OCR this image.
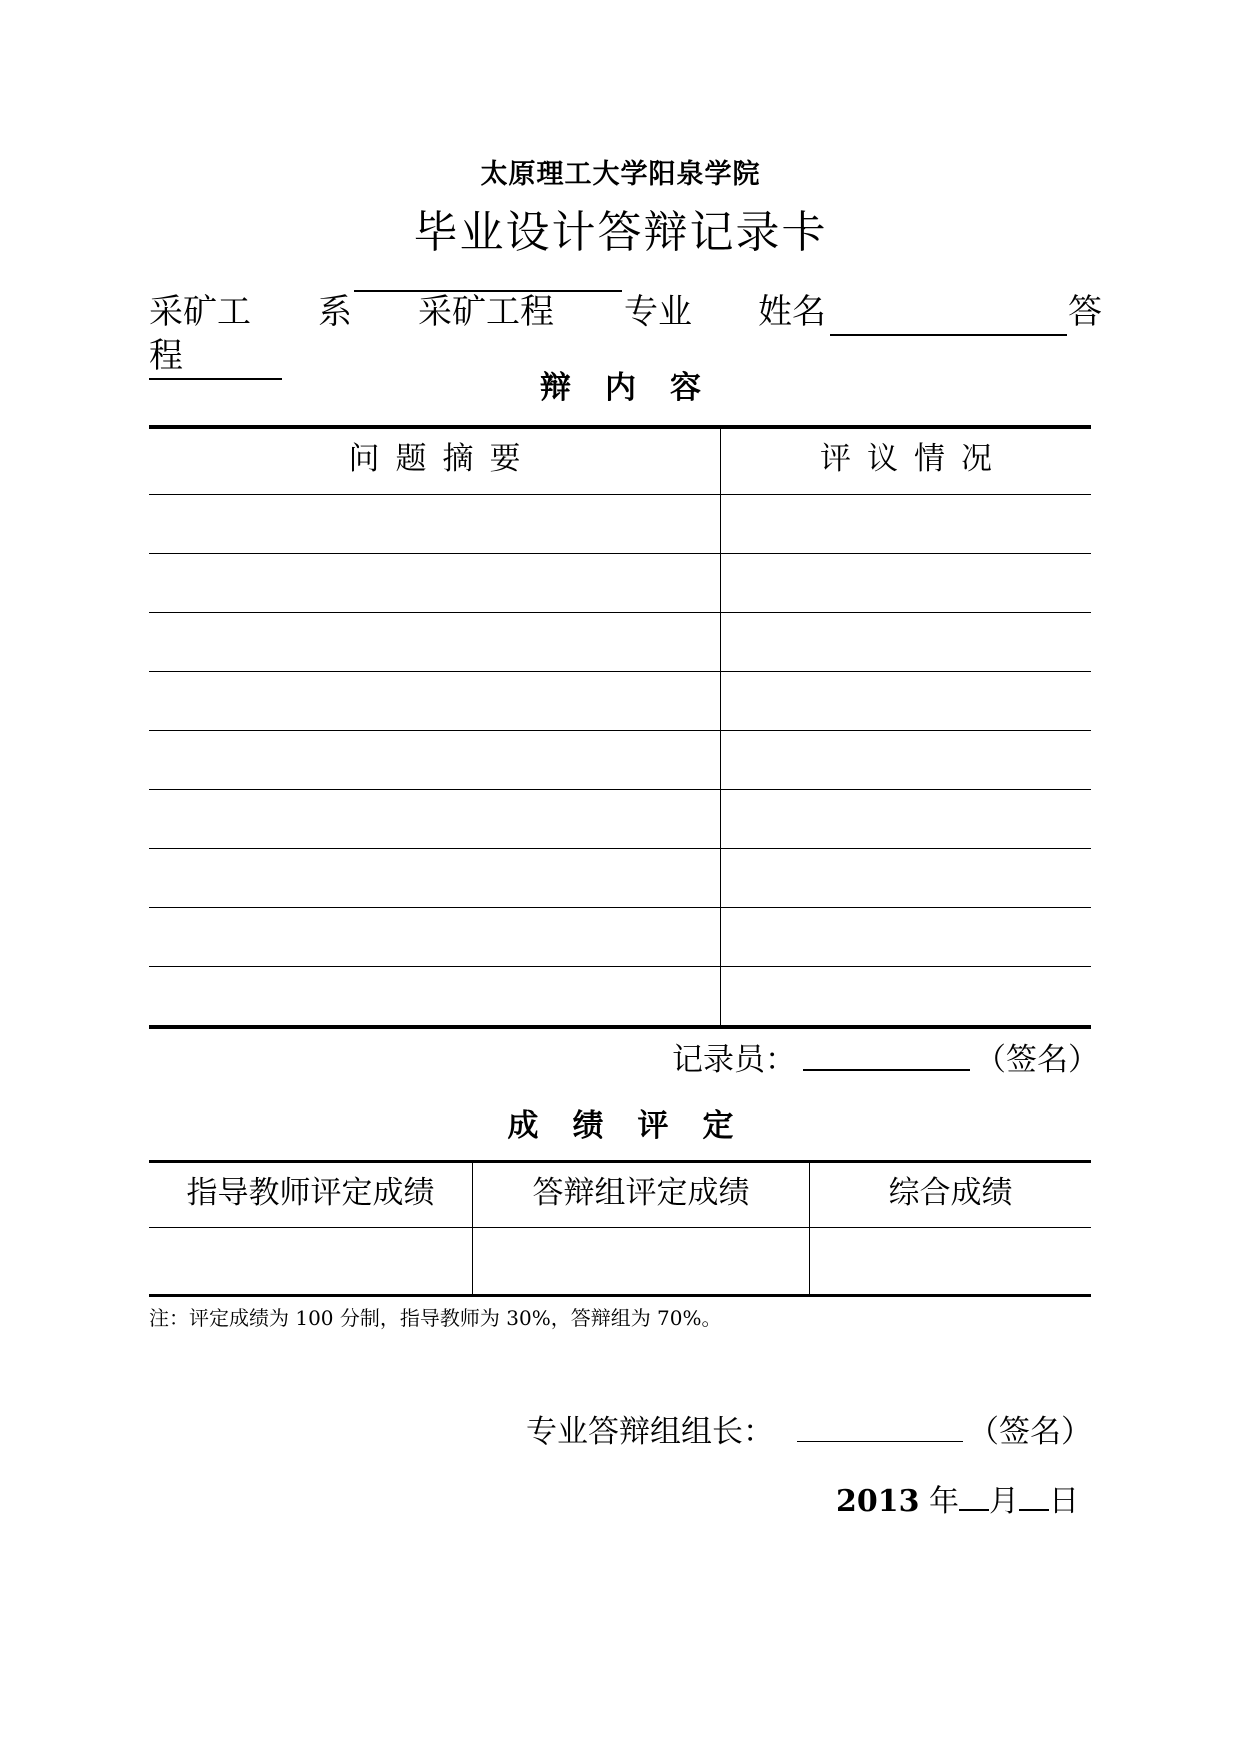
太原理工大学阳泉学院
毕业设计答辩记录卡
采矿工程
系 采矿工程 专业 姓名	答
辩内容
问题摘要	评议情况
记录员：	（签名）
成绩评定
指导教师评定成绩	答辩组评定成绩	综合成绩
注：评定成绩为 100 分制，指导教师为 30%，答辩组为 70%。
专业答辩组组长：	（签名）
2013 年 月 日
